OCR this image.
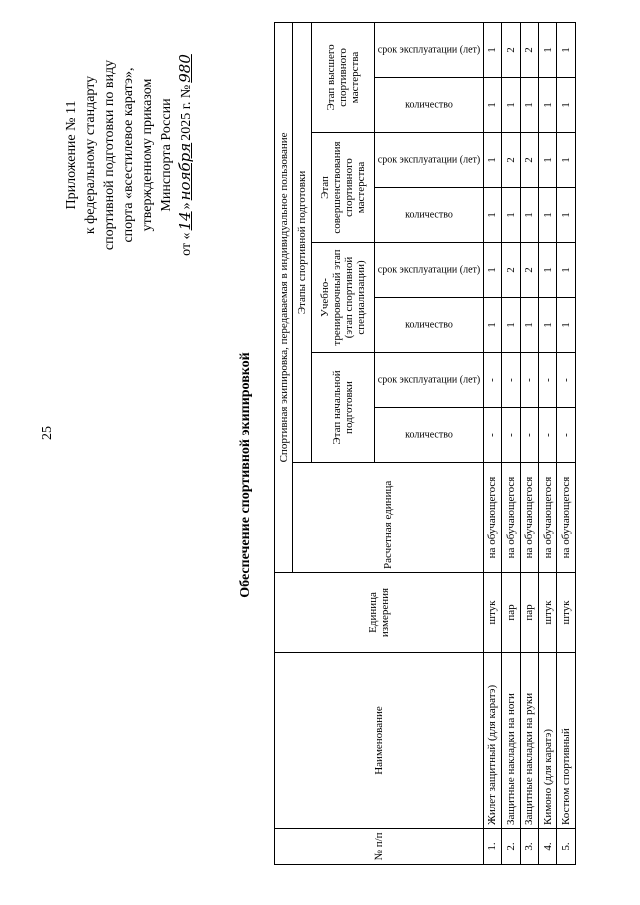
25
Приложение № 11 к федеральному стандарту спортивной подготовки по виду спорта «всестилевое каратэ», утвержденному приказом Минспорта России
от «
14
»
ноября
2025 г. №
980
Обеспечение спортивной экипировкой
№ п/п	Наименование	Единица измерения	Спортивная экипировка, передаваемая в индивидуальное пользование								
			Расчетная единица	Этапы спортивной подготовки							
				Этап начальной подготовки		Учебно-тренировочный этап (этап спортивной специализации)		Этап совершенствования спортивного мастерства		Этап высшего спортивного мастерства	

				количество	срок эксплуатации (лет)	количество	срок эксплуатации (лет)	количество	срок эксплуатации (лет)	количество	срок эксплуатации (лет)

1.	Жилет защитный (для каратэ)	штук	на обучающегося	-	-	1	1	1	1	1	1
2.	Защитные накладки на ноги	пар	на обучающегося	-	-	1	2	1	2	1	2
3.	Защитные накладки на руки	пар	на обучающегося	-	-	1	2	1	2	1	2
4.	Кимоно (для каратэ)	штук	на обучающегося	-	-	1	1	1	1	1	1
5.	Костюм спортивный	штук	на обучающегося	-	-	1	1	1	1	1	1
